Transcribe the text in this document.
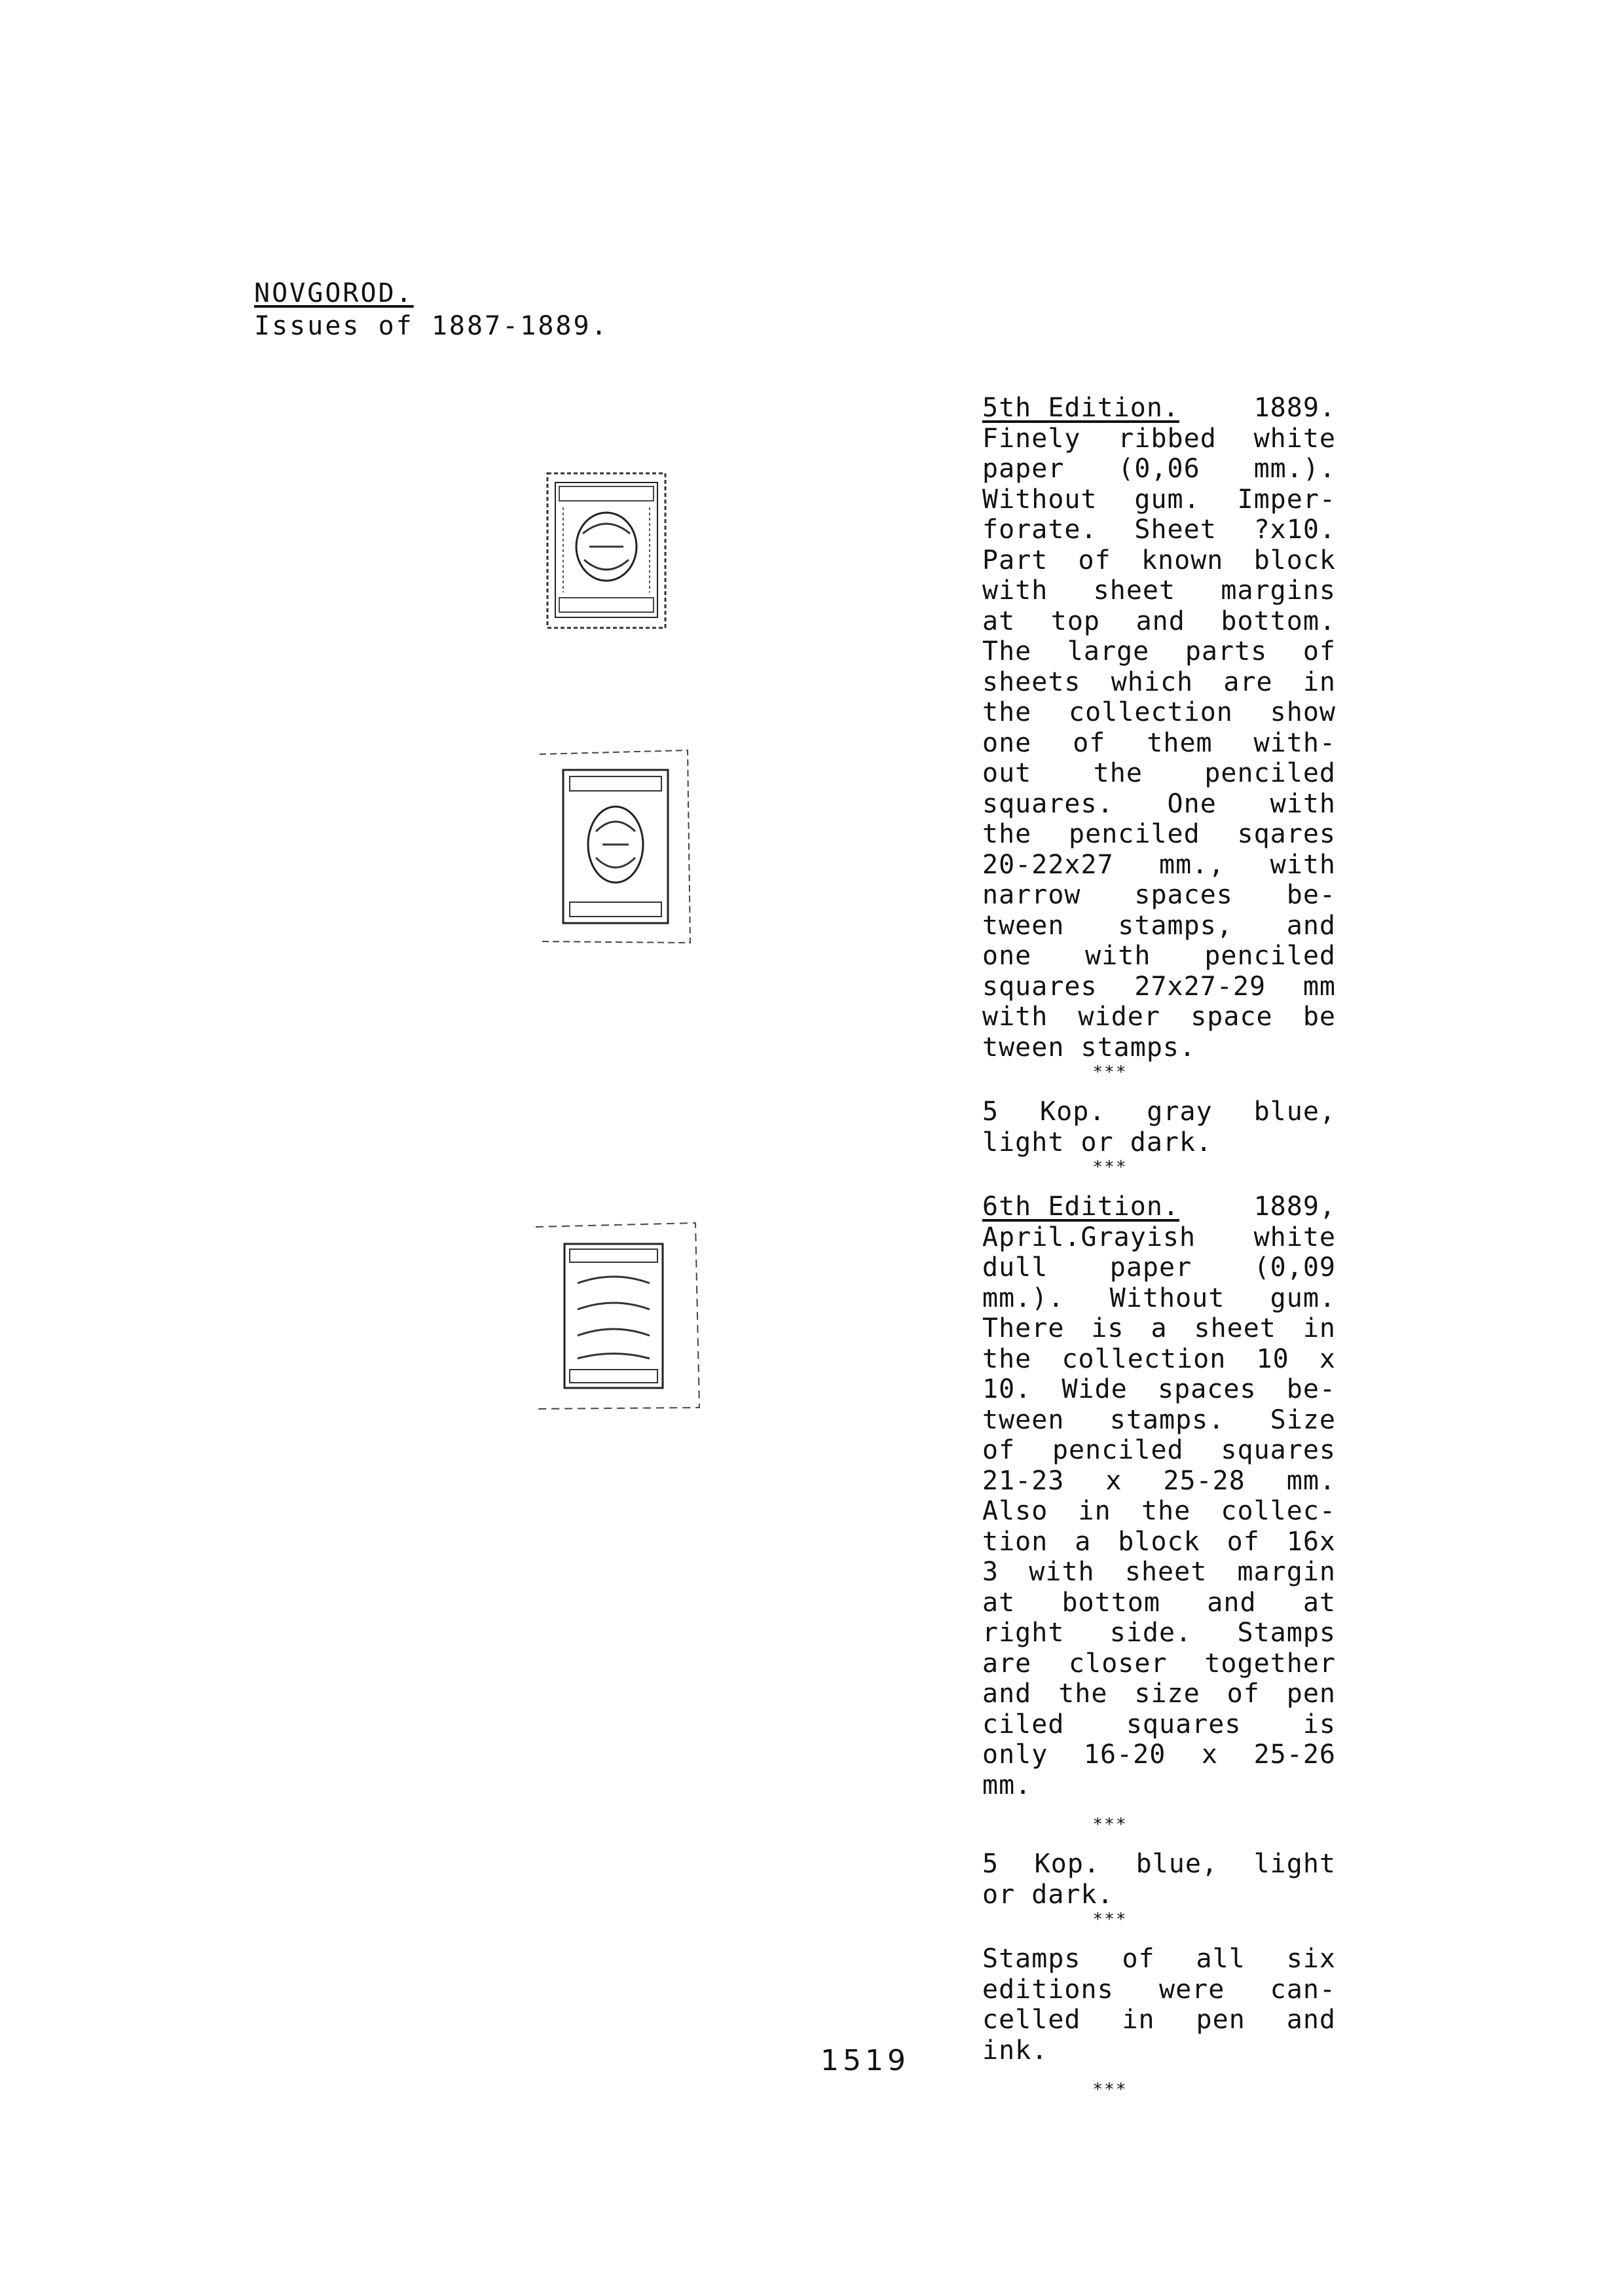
NOVGOROD.
Issues of 1887-1889.
5th Edition.	1889.
Finely ribbed white
paper (0,06 mm.).
Without gum. Imper-
forate. Sheet ?x10.
Part of known block
with sheet margins
at top and bottom.
The large parts of
sheets which are in
the collection show
one of them with-
out the penciled
squares. One with
the penciled sqares
20-22x27 mm., with
narrow spaces be-
tween stamps, and
one with penciled
squares 27x27-29 mm
with wider space be
tween stamps.
***
5 Kop. gray blue,
light or dark.
***
6th Edition.	1889,
April.Grayish white
dull paper (0,09
mm.). Without gum.
There is a sheet in
the collection 10 x
10. Wide spaces be-
tween stamps. Size
of penciled squares
21-23 x 25-28 mm.
Also in the collec-
tion a block of 16x
3 with sheet margin
at bottom and at
right side. Stamps
are closer together
and the size of pen
ciled squares is
only 16-20 x 25-26
mm.
***
5 Kop. blue, light
or dark.
***
Stamps of all six
editions were can-
celled in pen and
ink.
***
1519
